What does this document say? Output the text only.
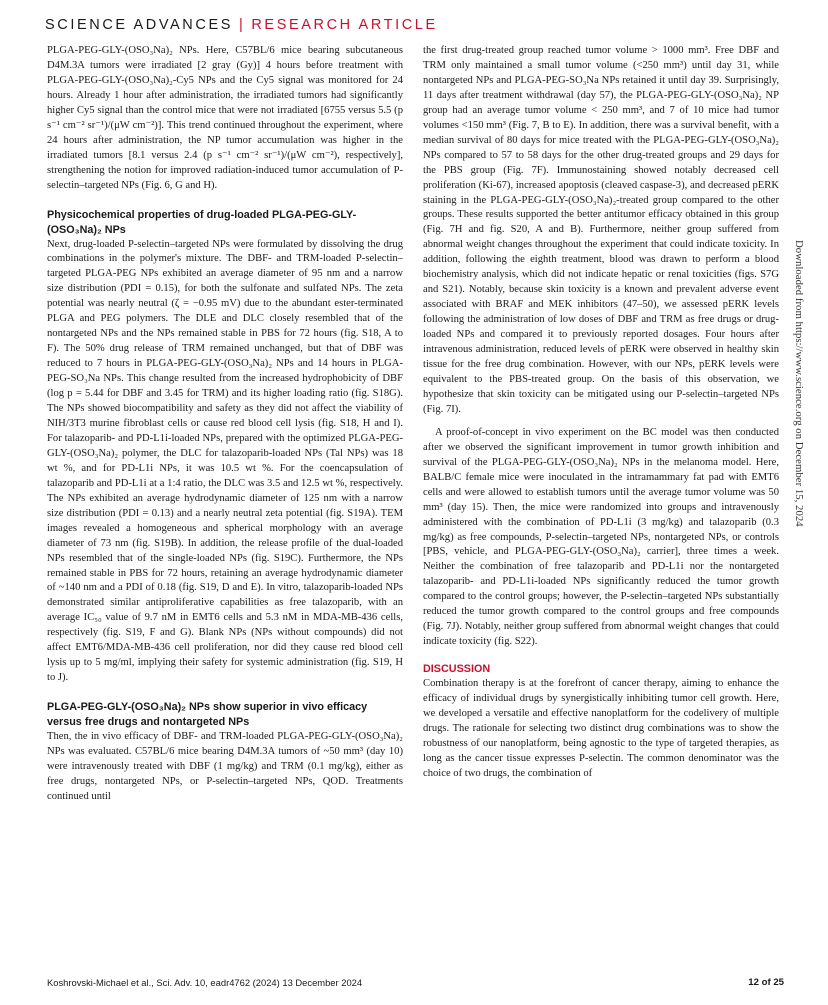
SCIENCE ADVANCES | RESEARCH ARTICLE

PLGA-PEG-GLY-(OSO₃Na)₂ NPs. Here, C57BL/6 mice bearing subcutaneous D4M.3A tumors were irradiated [2 gray (Gy)] 4 hours before treatment with PLGA-PEG-GLY-(OSO₃Na)₂-Cy5 NPs and the Cy5 signal was monitored for 24 hours. Already 1 hour after administration, the irradiated tumors had significantly higher Cy5 signal than the control mice that were not irradiated [6755 versus 5.5 (p s⁻¹ cm⁻² sr⁻¹)/(μW cm⁻²)]. This trend continued throughout the experiment, where 24 hours after administration, the NP tumor accumulation was higher in the irradiated tumors [8.1 versus 2.4 (p s⁻¹ cm⁻² sr⁻¹)/(μW cm⁻²), respectively], strengthening the notion for improved radiation-induced tumor accumulation of P-selectin–targeted NPs (Fig. 6, G and H).

Physicochemical properties of drug-loaded PLGA-PEG-GLY-(OSO₃Na)₂ NPs

Next, drug-loaded P-selectin–targeted NPs were formulated by dissolving the drug combinations in the polymer's mixture. The DBF- and TRM-loaded P-selectin–targeted PLGA-PEG NPs exhibited an average diameter of 95 nm and a narrow size distribution (PDI = 0.15), for both the sulfonate and sulfated NPs. The zeta potential was nearly neutral (ζ = −0.95 mV) due to the abundant ester-terminated PLGA and PEG polymers. The DLE and DLC closely resembled that of the nontargeted NPs and the NPs remained stable in PBS for 72 hours (fig. S18, A to F). The 50% drug release of TRM remained unchanged, but that of DBF was reduced to 7 hours in PLGA-PEG-GLY-(OSO₃Na)₂ NPs and 14 hours in PLGA-PEG-SO₃Na NPs. This change resulted from the increased hydrophobicity of DBF (log p = 5.44 for DBF and 3.45 for TRM) and its higher loading ratio (fig. S18G). The NPs showed biocompatibility and safety as they did not affect the viability of NIH/3T3 murine fibroblast cells or cause red blood cell lysis (fig. S18, H and I). For talazoparib- and PD-L1i-loaded NPs, prepared with the optimized PLGA-PEG-GLY-(OSO₃Na)₂ polymer, the DLC for talazoparib-loaded NPs (Tal NPs) was 18 wt %, and for PD-L1i NPs, it was 10.5 wt %. For the coencapsulation of talazoparib and PD-L1i at a 1:4 ratio, the DLC was 3.5 and 12.5 wt %, respectively. The NPs exhibited an average hydrodynamic diameter of 125 nm with a narrow size distribution (PDI = 0.13) and a nearly neutral zeta potential (fig. S19A). TEM images revealed a homogeneous and spherical morphology with an average diameter of 73 nm (fig. S19B). In addition, the release profile of the dual-loaded NPs resembled that of the single-loaded NPs (fig. S19C). Furthermore, the NPs remained stable in PBS for 72 hours, retaining an average hydrodynamic diameter of ~140 nm and a PDI of 0.18 (fig. S19, D and E). In vitro, talazoparib-loaded NPs demonstrated similar antiproliferative capabilities as free talazoparib, with an average IC₅₀ value of 9.7 nM in EMT6 cells and 5.3 nM in MDA-MB-436 cells, respectively (fig. S19, F and G). Blank NPs (NPs without compounds) did not affect EMT6/MDA-MB-436 cell proliferation, nor did they cause red blood cell lysis up to 5 mg/ml, implying their safety for systemic administration (fig. S19, H to J).

PLGA-PEG-GLY-(OSO₃Na)₂ NPs show superior in vivo efficacy versus free drugs and nontargeted NPs

Then, the in vivo efficacy of DBF- and TRM-loaded PLGA-PEG-GLY-(OSO₃Na)₂ NPs was evaluated. C57BL/6 mice bearing D4M.3A tumors of ~50 mm³ (day 10) were intravenously treated with DBF (1 mg/kg) and TRM (0.1 mg/kg), either as free drugs, nontargeted NPs, or P-selectin–targeted NPs, QOD. Treatments continued until

the first drug-treated group reached tumor volume > 1000 mm³. Free DBF and TRM only maintained a small tumor volume (<250 mm³) until day 31, while nontargeted NPs and PLGA-PEG-SO₃Na NPs retained it until day 39. Surprisingly, 11 days after treatment withdrawal (day 57), the PLGA-PEG-GLY-(OSO₃Na)₂ NP group had an average tumor volume < 250 mm³, and 7 of 10 mice had tumor volumes <150 mm³ (Fig. 7, B to E). In addition, there was a survival benefit, with a median survival of 80 days for mice treated with the PLGA-PEG-GLY-(OSO₃Na)₂ NPs compared to 57 to 58 days for the other drug-treated groups and 29 days for the PBS group (Fig. 7F). Immunostaining showed notably decreased cell proliferation (Ki-67), increased apoptosis (cleaved caspase-3), and decreased pERK staining in the PLGA-PEG-GLY-(OSO₃Na)₂-treated group compared to the other groups. These results supported the better antitumor efficacy obtained in this group (Fig. 7H and fig. S20, A and B). Furthermore, neither group suffered from abnormal weight changes throughout the experiment that could indicate toxicity. In addition, following the eighth treatment, blood was drawn to perform a blood biochemistry analysis, which did not indicate hepatic or renal toxicities (figs. S7G and S21). Notably, because skin toxicity is a known and prevalent adverse event associated with BRAF and MEK inhibitors (47–50), we assessed pERK levels following the administration of low doses of DBF and TRM as free drugs or drug-loaded NPs and compared it to previously reported dosages. Four hours after intravenous administration, reduced levels of pERK were observed in healthy skin tissue for the free drug combination. However, with our NPs, pERK levels were equivalent to the PBS-treated group. On the basis of this observation, we hypothesize that skin toxicity can be mitigated using our P-selectin–targeted NPs (Fig. 7I).

A proof-of-concept in vivo experiment on the BC model was then conducted after we observed the significant improvement in tumor growth inhibition and survival of the PLGA-PEG-GLY-(OSO₃Na)₂ NPs in the melanoma model. Here, BALB/C female mice were inoculated in the intramammary fat pad with EMT6 cells and were allowed to establish tumors until the average tumor volume was 50 mm³ (day 15). Then, the mice were randomized into groups and intravenously administered with the combination of PD-L1i (3 mg/kg) and talazoparib (0.3 mg/kg) as free compounds, P-selectin–targeted NPs, nontargeted NPs, or controls [PBS, vehicle, and PLGA-PEG-GLY-(OSO₃Na)₂ carrier], three times a week. Neither the combination of free talazoparib and PD-L1i nor the nontargeted talazoparib- and PD-L1i-loaded NPs significantly reduced the tumor growth compared to the control groups; however, the P-selectin–targeted NPs substantially reduced the tumor growth compared to the control groups and free compounds (Fig. 7J). Notably, neither group suffered from abnormal weight changes that could indicate toxicity (fig. S22).

DISCUSSION

Combination therapy is at the forefront of cancer therapy, aiming to enhance the efficacy of individual drugs by synergistically inhibiting tumor cell growth. Here, we developed a versatile and effective nanoplatform for the codelivery of multiple drugs. The rationale for selecting two distinct drug combinations was to show the robustness of our nanoplatform, being agnostic to the type of targeted therapies, as long as the cancer tissue expresses P-selectin. The common denominator was the choice of two drugs, the combination of

Downloaded from https://www.science.org on December 15, 2024
Koshrovski-Michael et al., Sci. Adv. 10, eadr4762 (2024) 13 December 2024	12 of 25
